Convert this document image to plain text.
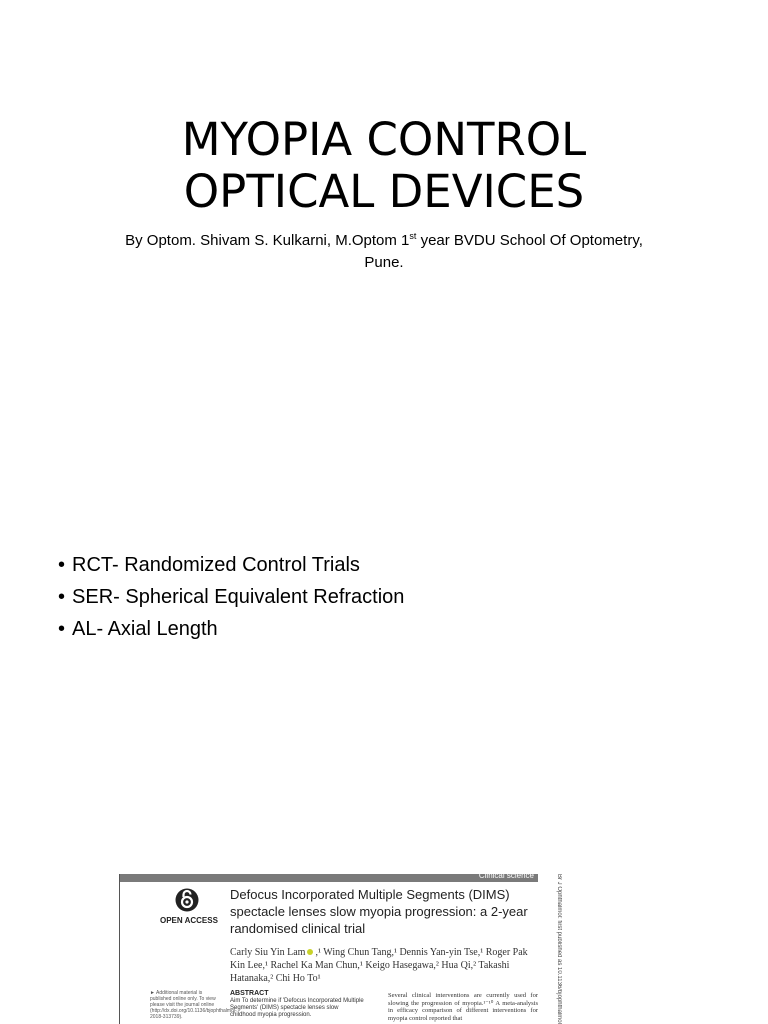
MYOPIA CONTROL
OPTICAL DEVICES
By Optom. Shivam S. Kulkarni, M.Optom 1st year BVDU School Of Optometry, Pune.
• RCT- Randomized Control Trials
• SER- Spherical Equivalent Refraction
• AL- Axial Length
Clinical science
OPEN ACCESS
Defocus Incorporated Multiple Segments (DIMS) spectacle lenses slow myopia progression: a 2-year randomised clinical trial
Carly Siu Yin Lam ,¹ Wing Chun Tang,¹ Dennis Yan-yin Tse,¹ Roger Pak Kin Lee,¹ Rachel Ka Man Chun,¹ Keigo Hasegawa,² Hua Qi,² Takashi Hatanaka,² Chi Ho To¹
► Additional material is published online only. To view please visit the journal online (http://dx.doi.org/10.1136/bjophthalmol-2018-313739).
ABSTRACT
Aim To determine if 'Defocus Incorporated Multiple Segments' (DIMS) spectacle lenses slow childhood myopia progression.
Several clinical interventions are currently used for slowing the progression of myopia.¹⁻¹⁰ A meta-analysis in efficacy comparison of different interventions for myopia control reported that	Br J Ophthalmol: first published as 10.1136/bjophthalmol
